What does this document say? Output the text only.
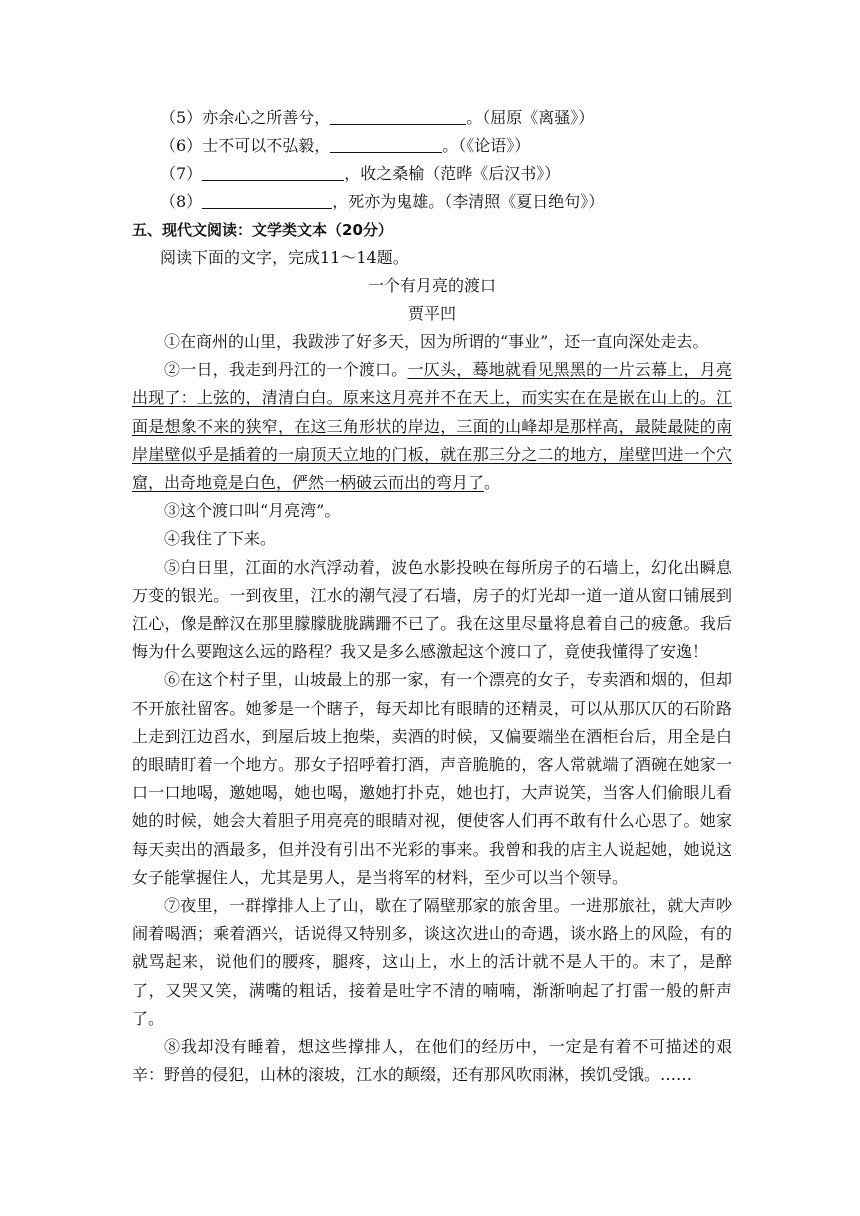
（5）亦余心之所善兮，	。（屈原《离骚》）
（6）士不可以不弘毅，	。（《论语》）
（7）	，收之桑榆（范晔《后汉书》）
（8）	，死亦为鬼雄。（李清照《夏日绝句》）
五、现代文阅读：文学类文本（20分）
阅读下面的文字，完成11～14题。
一个有月亮的渡口
贾平凹

①在商州的山里，我跋涉了好多天，因为所谓的“事业”，还一直向深处走去。

②一日，我走到丹江的一个渡口。一仄头，蓦地就看见黑黑的一片云幕上，月亮出现了：上弦的，清清白白。原来这月亮并不在天上，而实实在在是嵌在山上的。江面是想象不来的狭窄，在这三角形状的岸边，三面的山峰却是那样高，最陡最陡的南岸崖壁似乎是插着的一扇顶天立地的门板，就在那三分之二的地方，崖壁凹进一个穴窟，出奇地竟是白色，俨然一柄破云而出的弯月了。

③这个渡口叫“月亮湾”。

④我住了下来。

⑤白日里，江面的水汽浮动着，波色水影投映在每所房子的石墙上，幻化出瞬息万变的银光。一到夜里，江水的潮气浸了石墙，房子的灯光却一道一道从窗口铺展到江心，像是醉汉在那里朦朦胧胧蹒跚不已了。我在这里尽量将息着自己的疲惫。我后悔为什么要跑这么远的路程？我又是多么感激起这个渡口了，竟使我懂得了安逸！

⑥在这个村子里，山坡最上的那一家，有一个漂亮的女子，专卖酒和烟的，但却不开旅社留客。她爹是一个瞎子，每天却比有眼睛的还精灵，可以从那仄仄的石阶路上走到江边舀水，到屋后坡上抱柴，卖酒的时候，又偏要端坐在酒柜台后，用全是白的眼睛盯着一个地方。那女子招呼着打酒，声音脆脆的，客人常就端了酒碗在她家一口一口地喝，邀她喝，她也喝，邀她打扑克，她也打，大声说笑，当客人们偷眼儿看她的时候，她会大着胆子用亮亮的眼睛对视，便使客人们再不敢有什么心思了。她家每天卖出的酒最多，但并没有引出不光彩的事来。我曾和我的店主人说起她，她说这女子能掌握住人，尤其是男人，是当将军的材料，至少可以当个领导。

⑦夜里，一群撑排人上了山，歇在了隔壁那家的旅舍里。一进那旅社，就大声吵闹着喝酒；乘着酒兴，话说得又特别多，谈这次进山的奇遇，谈水路上的风险，有的就骂起来，说他们的腰疼，腿疼，这山上，水上的活计就不是人干的。末了，是醉了，又哭又笑，满嘴的粗话，接着是吐字不清的喃喃，渐渐响起了打雷一般的鼾声了。

⑧我却没有睡着，想这些撑排人，在他们的经历中，一定是有着不可描述的艰辛：野兽的侵犯，山林的滚坡，江水的颠缀，还有那风吹雨淋，挨饥受饿。……
